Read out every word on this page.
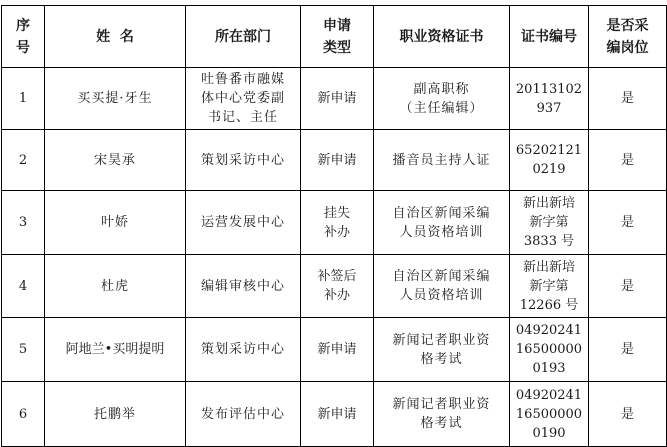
序
号	姓  名	所在部门	申请
类型	职业资格证书	证书编号	是否采
编岗位
1	买买提·牙生	吐鲁番市融媒
体中心党委副
书记、主任	新申请	副高职称
（主任编辑）	20113102
937	是
2	宋昊承	策划采访中心	新申请	播音员主持人证	65202121
0219	是
3	叶娇	运营发展中心	挂失
补办	自治区新闻采编
人员资格培训	新出新培
新字第
3833 号	是
4	杜虎	编辑审核中心	补签后
补办	自治区新闻采编
人员资格培训	新出新培
新字第
12266 号	是
5	阿地兰•买明提明	策划采访中心	新申请	新闻记者职业资
格考试	04920241
16500000
0193	是
6	托鹏举	发布评估中心	新申请	新闻记者职业资
格考试	04920241
16500000
0190	是
